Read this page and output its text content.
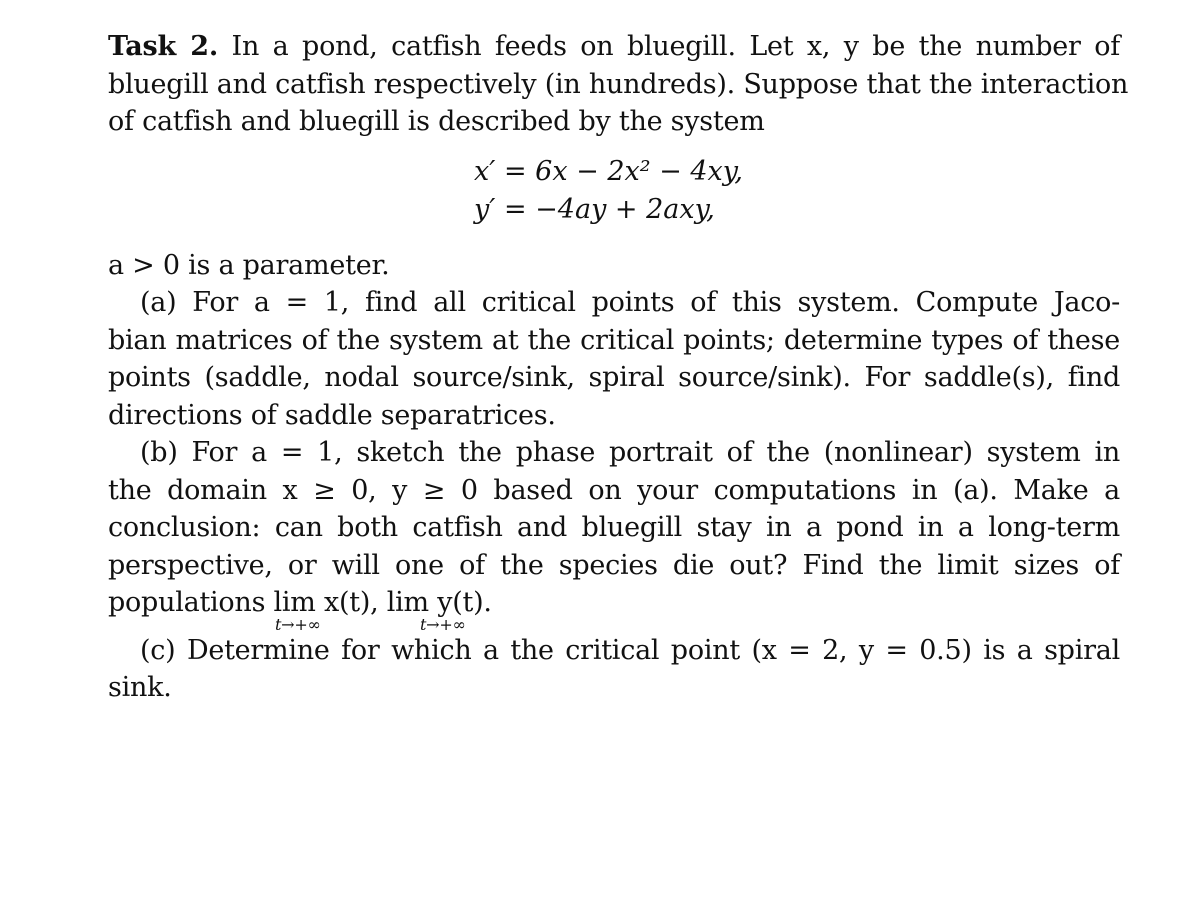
Task 2. In a pond, catfish feeds on bluegill. Let x, y be the number of
bluegill and catfish respectively (in hundreds). Suppose that the interaction
of catfish and bluegill is described by the system
x′ = 6x − 2x² − 4xy,
y′ = −4ay + 2axy,
a > 0 is a parameter.
(a) For a = 1, find all critical points of this system. Compute Jaco-
bian matrices of the system at the critical points; determine types of these
points (saddle, nodal source/sink, spiral source/sink). For saddle(s), find
directions of saddle separatrices.
(b) For a = 1, sketch the phase portrait of the (nonlinear) system in
the domain x ≥ 0, y ≥ 0 based on your computations in (a). Make a
conclusion: can both catfish and bluegill stay in a pond in a long-term
perspective, or will one of the species die out? Find the limit sizes of
populations lim x(t), lim y(t).
t→+∞	t→+∞
(c) Determine for which a the critical point (x = 2, y = 0.5) is a spiral
sink.
